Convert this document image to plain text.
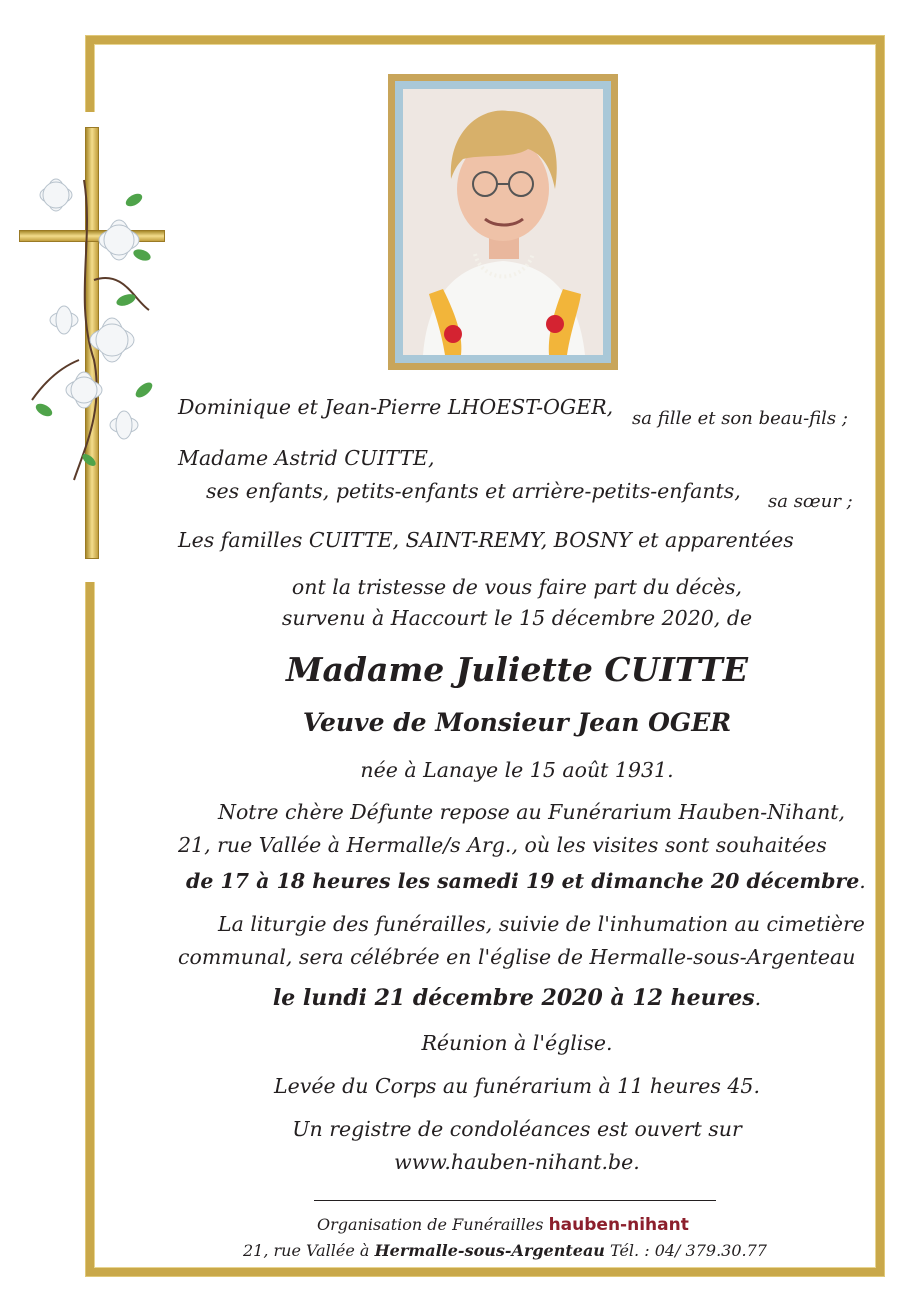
Dominique et Jean-Pierre LHOEST-OGER, sa fille et son beau-fils ;
Madame Astrid CUITTE,
ses enfants, petits-enfants et arrière-petits-enfants, sa sœur ;
Les familles CUITTE, SAINT-REMY, BOSNY et apparentées
ont la tristesse de vous faire part du décès,
survenu à Haccourt le 15 décembre 2020, de
Madame Juliette CUITTE
Veuve de Monsieur Jean OGER
née à Lanaye le 15 août 1931.
Notre chère Défunte repose au Funérarium Hauben-Nihant,
21, rue Vallée à Hermalle/s Arg., où les visites sont souhaitées
de 17 à 18 heures les samedi 19 et dimanche 20 décembre.
La liturgie des funérailles, suivie de l'inhumation au cimetière
communal, sera célébrée en l'église de Hermalle-sous-Argenteau
le lundi 21 décembre 2020 à 12 heures.
Réunion à l'église.
Levée du Corps au funérarium à 11 heures 45.
Un registre de condoléances est ouvert sur
www.hauben-nihant.be.
Organisation de Funérailles hauben-nihant
21, rue Vallée à Hermalle-sous-Argenteau Tél. : 04/ 379.30.77
